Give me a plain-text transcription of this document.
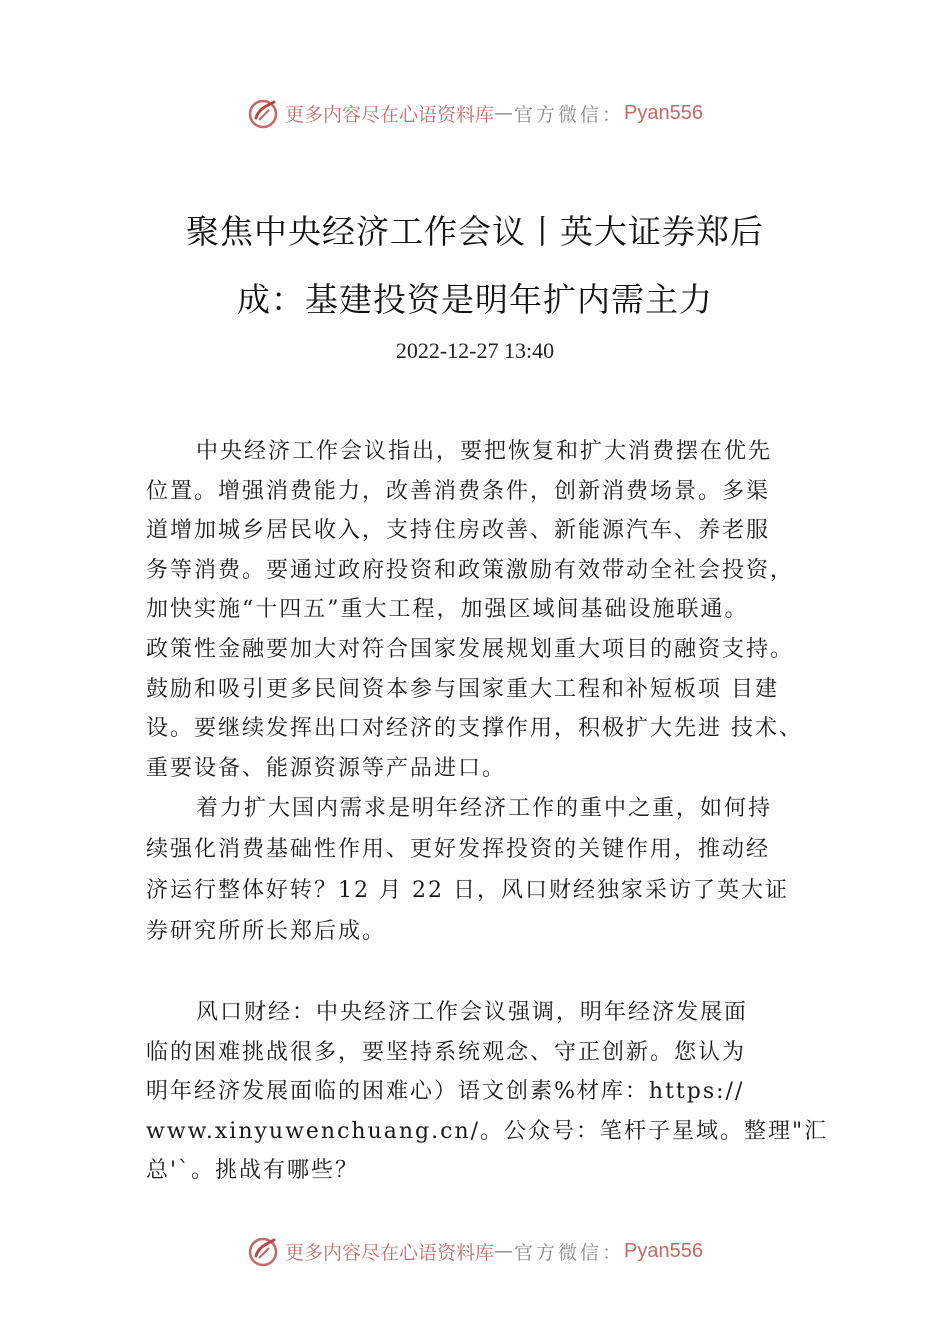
更多内容尽在心语资料库 — 官方微信： Pyan556
聚焦中央经济工作会议丨英大证券郑后
成：基建投资是明年扩内需主力
2022-12-27 13:40

中央经济工作会议指出，要把恢复和扩大消费摆在优先

位置。增强消费能力，改善消费条件，创新消费场景。多渠

道增加城乡居民收入，支持住房改善、新能源汽车、养老服

务等消费。要通过政府投资和政策激励有效带动全社会投资，

加快实施“十四五”重大工程，加强区域间基础设施联通。

政策性金融要加大对符合国家发展规划重大项目的融资支持。

鼓励和吸引更多民间资本参与国家重大工程和补短板项 目建

设。要继续发挥出口对经济的支撑作用，积极扩大先进 技术、

重要设备、能源资源等产品进口。

着力扩大国内需求是明年经济工作的重中之重，如何持

续强化消费基础性作用、更好发挥投资的关键作用，推动经

济运行整体好转？12 月 22 日，风口财经独家采访了英大证

券研究所所长郑后成。

风口财经：中央经济工作会议强调，明年经济发展面

临的困难挑战很多，要坚持系统观念、守正创新。您认为

明年经济发展面临的困难心）语文创素%材库：https://

www.xinyuwenchuang.cn/。公众号：笔杆子星域。整理"汇

总'`。挑战有哪些？

更多内容尽在心语资料库 — 官方微信： Pyan556
